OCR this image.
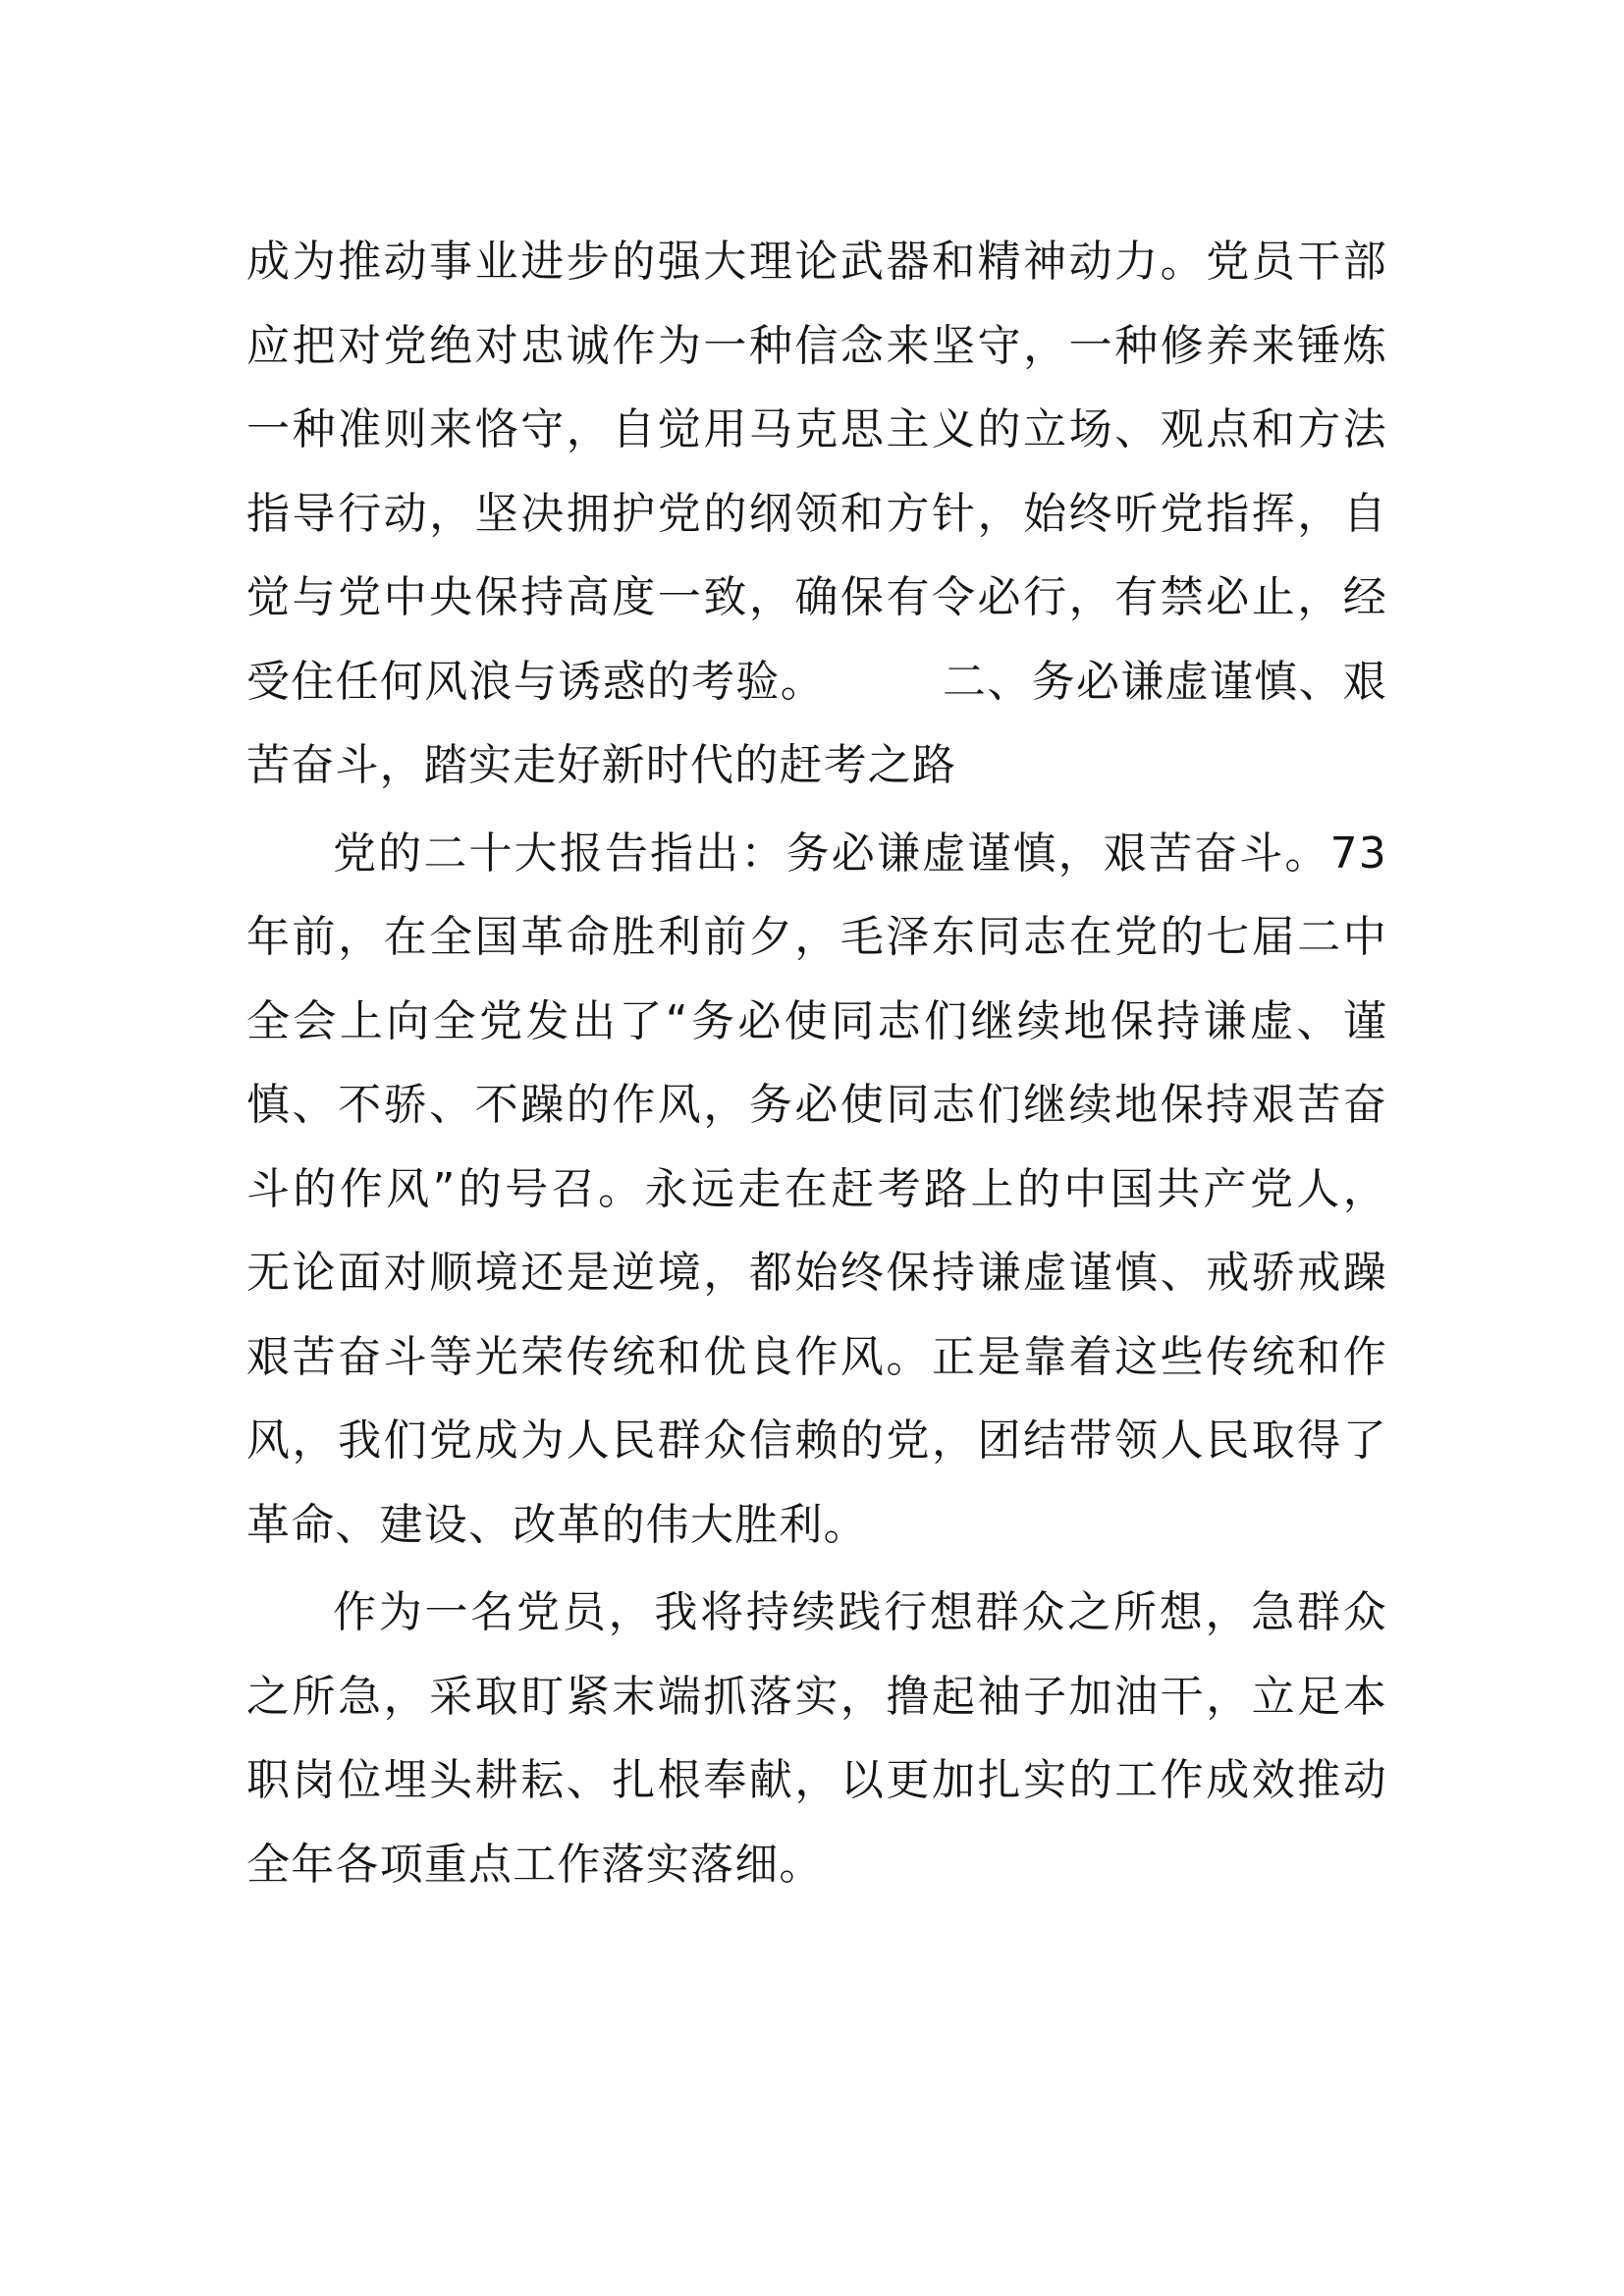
成为推动事业进步的强大理论武器和精神动力。党员干部
应把对党绝对忠诚作为一种信念来坚守，一种修养来锤炼
一种准则来恪守，自觉用马克思主义的立场、观点和方法
指导行动，坚决拥护党的纲领和方针，始终听党指挥，自
觉与党中央保持高度一致，确保有令必行，有禁必止，经
受住任何风浪与诱惑的考验。	二、务必谦虚谨慎、艰
苦奋斗，踏实走好新时代的赶考之路
党的二十大报告指出：务必谦虚谨慎，艰苦奋斗。73
年前，在全国革命胜利前夕，毛泽东同志在党的七届二中
全会上向全党发出了“务必使同志们继续地保持谦虚、谨
慎、不骄、不躁的作风，务必使同志们继续地保持艰苦奋
斗的作风”的号召。永远走在赶考路上的中国共产党人，
无论面对顺境还是逆境，都始终保持谦虚谨慎、戒骄戒躁
艰苦奋斗等光荣传统和优良作风。正是靠着这些传统和作
风，我们党成为人民群众信赖的党，团结带领人民取得了
革命、建设、改革的伟大胜利。
作为一名党员，我将持续践行想群众之所想，急群众
之所急，采取盯紧末端抓落实，撸起袖子加油干，立足本
职岗位埋头耕耘、扎根奉献，以更加扎实的工作成效推动
全年各项重点工作落实落细。
